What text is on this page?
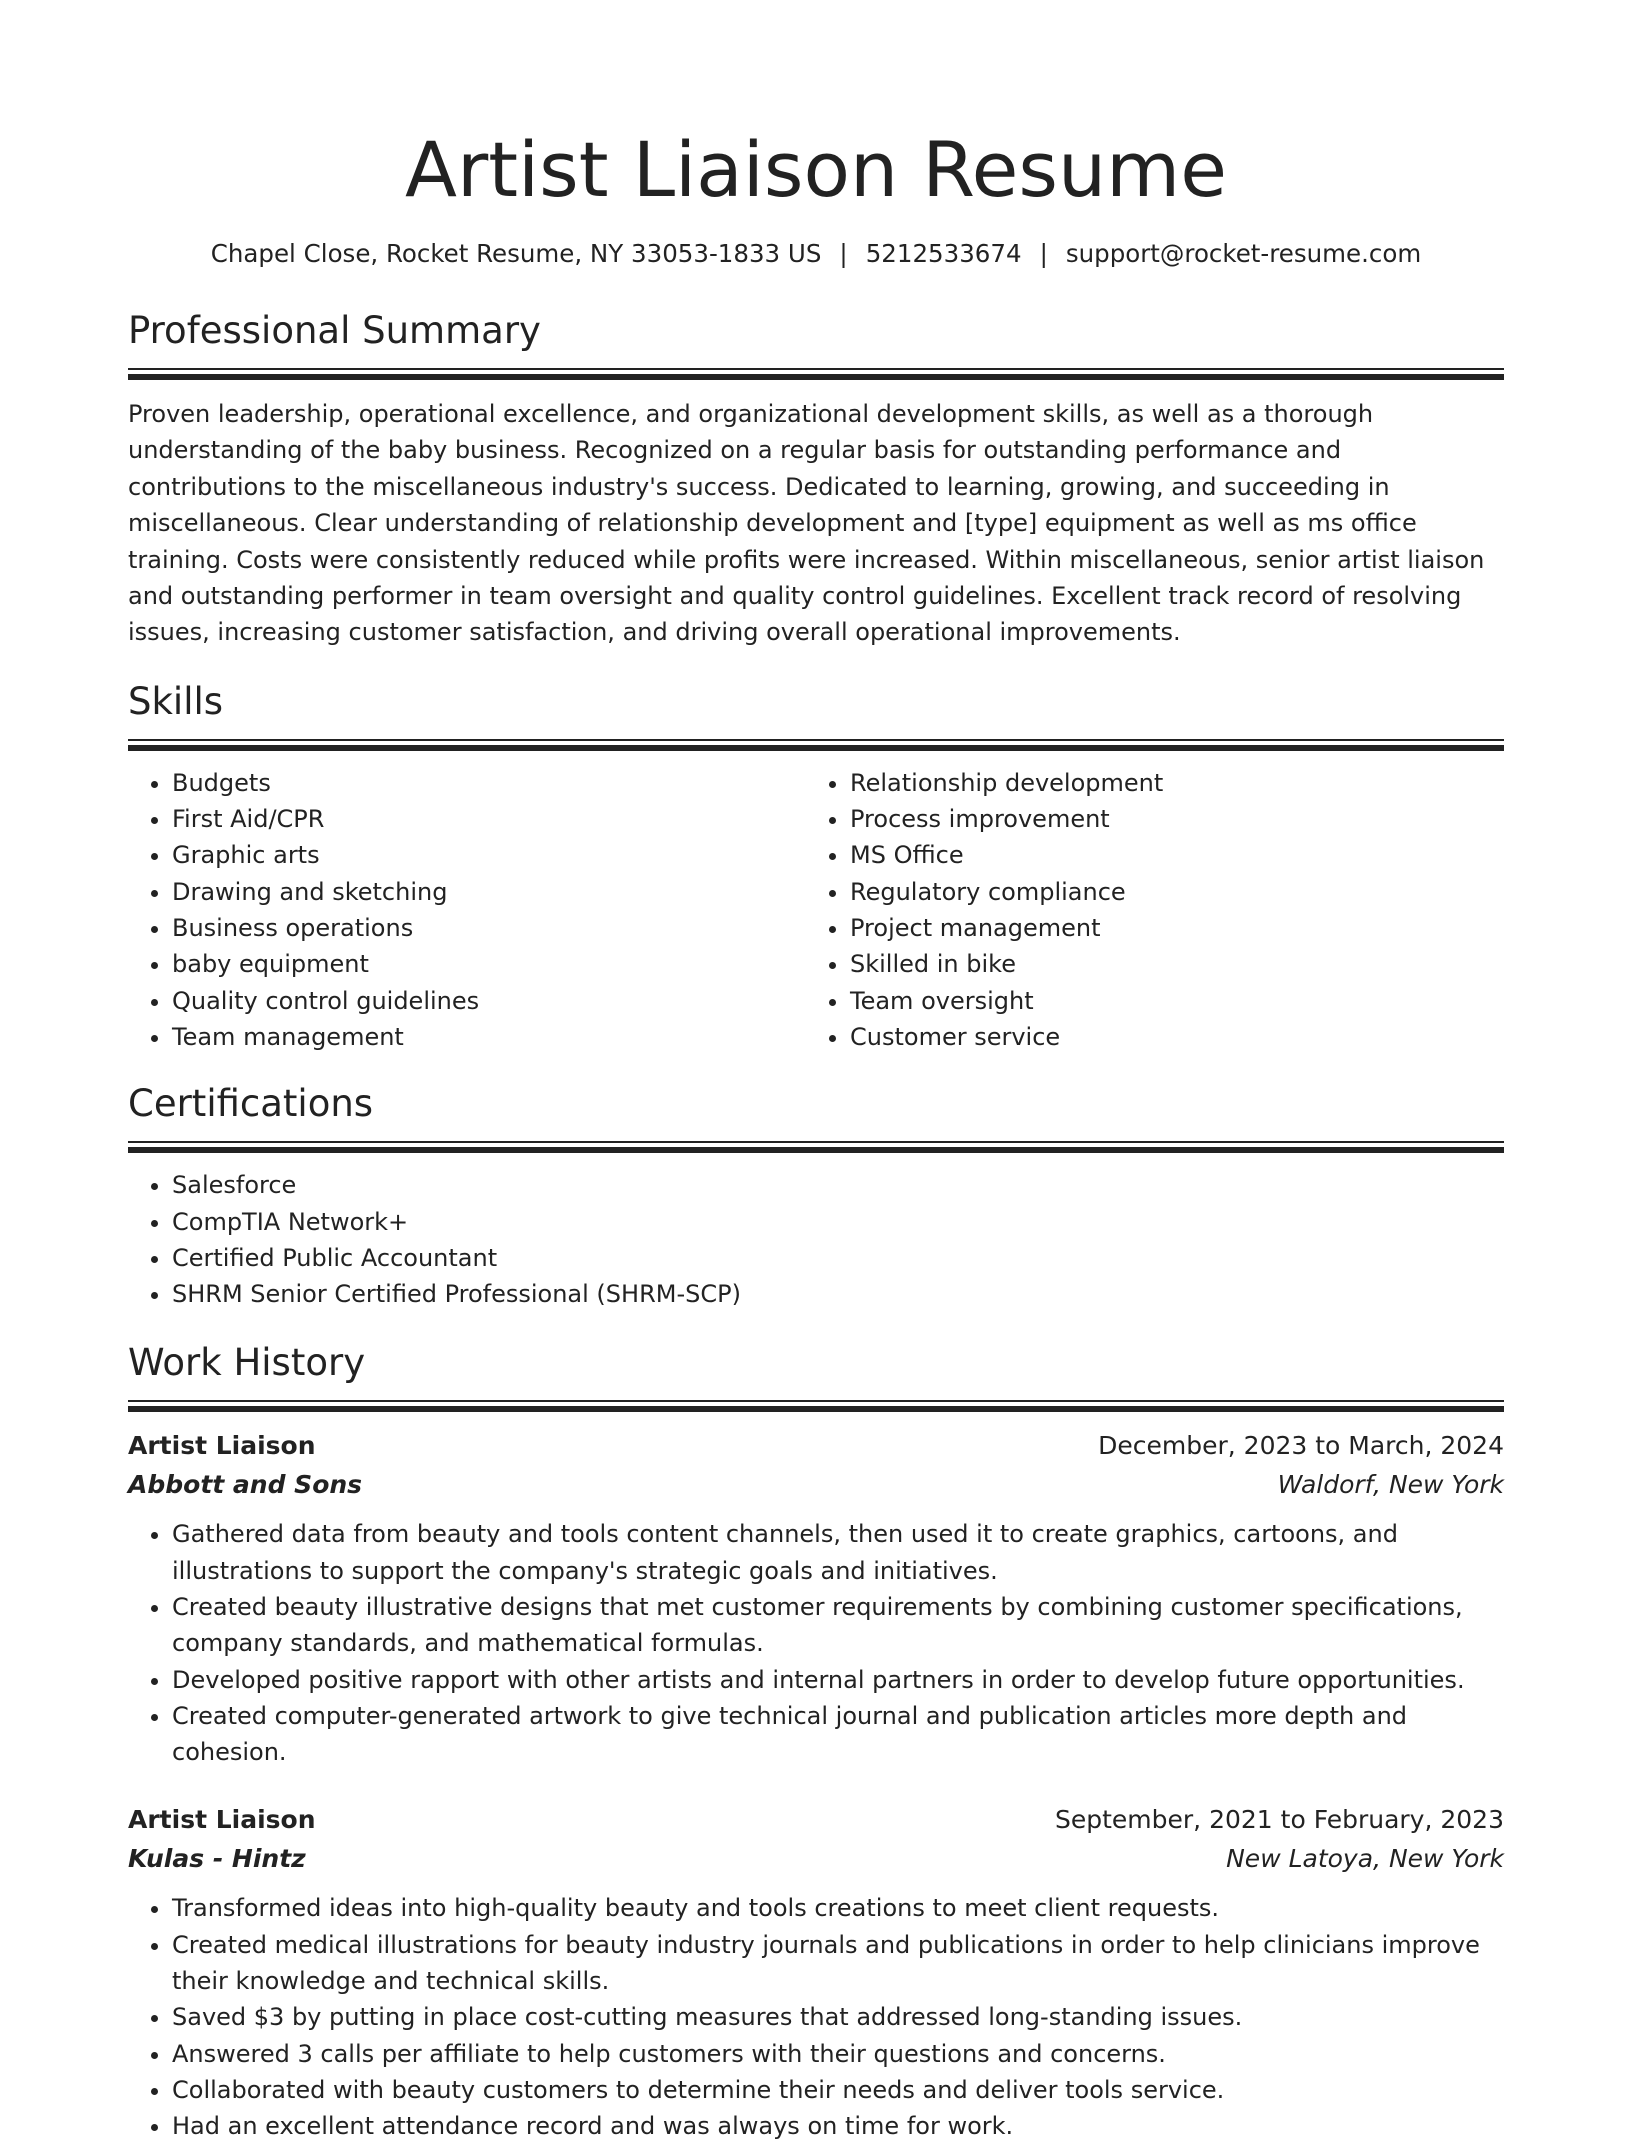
Artist Liaison Resume
Chapel Close, Rocket Resume, NY 33053-1833 US | 5212533674 | support@rocket-resume.com
Professional Summary

Proven leadership, operational excellence, and organizational development skills, as well as a thorough understanding of the baby business. Recognized on a regular basis for outstanding performance and contributions to the miscellaneous industry's success. Dedicated to learning, growing, and succeeding in miscellaneous. Clear understanding of relationship development and [type] equipment as well as ms office training. Costs were consistently reduced while profits were increased. Within miscellaneous, senior artist liaison and outstanding performer in team oversight and quality control guidelines. Excellent track record of resolving issues, increasing customer satisfaction, and driving overall operational improvements.

Skills
• Budgets
• First Aid/CPR
• Graphic arts
• Drawing and sketching
• Business operations
• baby equipment
• Quality control guidelines
• Team management
• Relationship development
• Process improvement
• MS Office
• Regulatory compliance
• Project management
• Skilled in bike
• Team oversight
• Customer service
Certifications
• Salesforce
• CompTIA Network+
• Certified Public Accountant
• SHRM Senior Certified Professional (SHRM-SCP)
Work History
Artist Liaison	December, 2023 to March, 2024
Abbott and Sons	Waldorf, New York
• Gathered data from beauty and tools content channels, then used it to create graphics, cartoons, and illustrations to support the company's strategic goals and initiatives.
• Created beauty illustrative designs that met customer requirements by combining customer specifications, company standards, and mathematical formulas.
• Developed positive rapport with other artists and internal partners in order to develop future opportunities.
• Created computer-generated artwork to give technical journal and publication articles more depth and cohesion.
Artist Liaison	September, 2021 to February, 2023
Kulas - Hintz	New Latoya, New York
• Transformed ideas into high-quality beauty and tools creations to meet client requests.
• Created medical illustrations for beauty industry journals and publications in order to help clinicians improve their knowledge and technical skills.
• Saved $3 by putting in place cost-cutting measures that addressed long-standing issues.
• Answered 3 calls per affiliate to help customers with their questions and concerns.
• Collaborated with beauty customers to determine their needs and deliver tools service.
• Had an excellent attendance record and was always on time for work.
